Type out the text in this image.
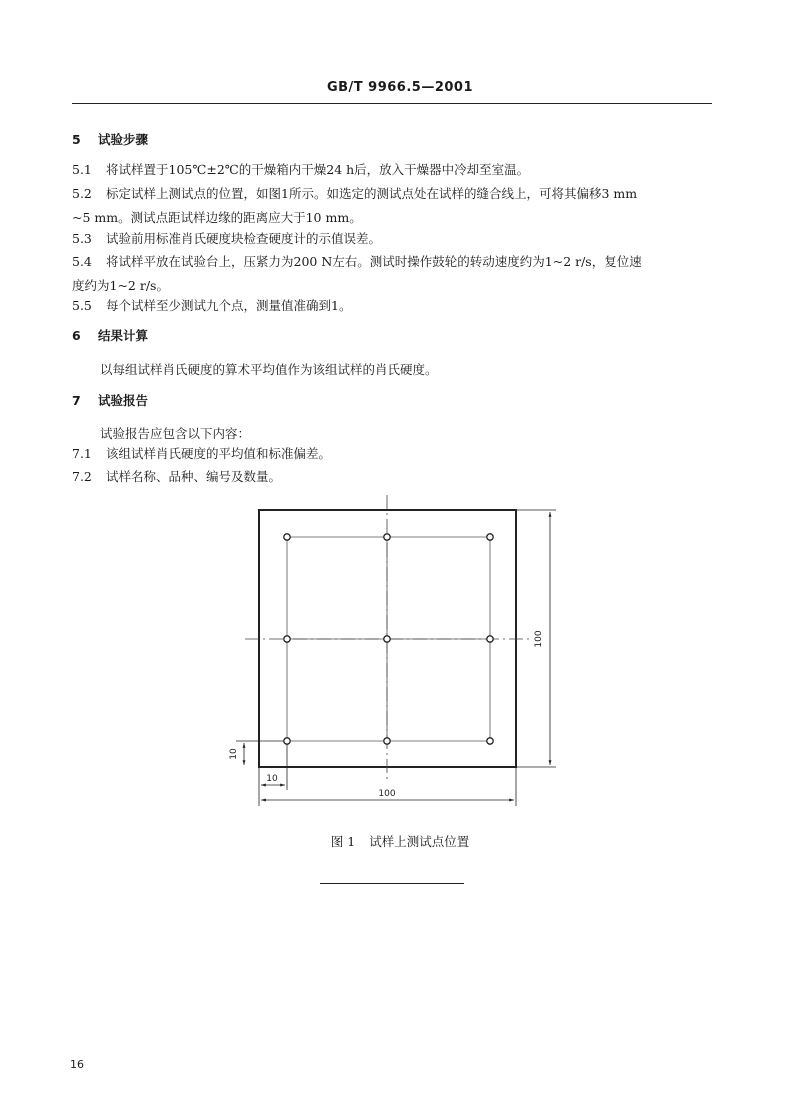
GB/T 9966.5—2001
5 试验步骤
5.1 将试样置于105℃±2℃的干燥箱内干燥24 h后，放入干燥器中冷却至室温。
5.2 标定试样上测试点的位置，如图1所示。如选定的测试点处在试样的缝合线上，可将其偏移3 mm
~5 mm。测试点距试样边缘的距离应大于10 mm。
5.3 试验前用标准肖氏硬度块检查硬度计的示值误差。
5.4 将试样平放在试验台上，压紧力为200 N左右。测试时操作鼓轮的转动速度约为1~2 r/s，复位速
度约为1~2 r/s。
5.5 每个试样至少测试九个点，测量值准确到1。
6 结果计算
以每组试样肖氏硬度的算术平均值作为该组试样的肖氏硬度。
7 试验报告
试验报告应包含以下内容：
7.1 该组试样肖氏硬度的平均值和标准偏差。
7.2 试样名称、品种、编号及数量。
100
100
10
10
图 1 试样上测试点位置
16
